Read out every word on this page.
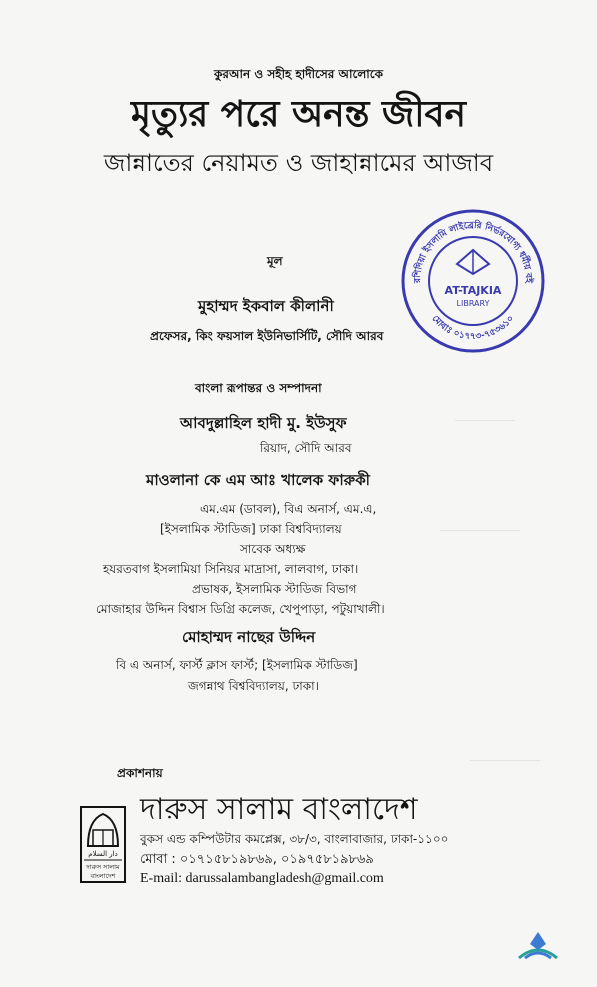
কুরআন ও সহীহ হাদীসের আলোকে
মৃত্যুর পরে অনন্ত জীবন
জান্নাতের নেয়ামত ও জাহান্নামের আজাব
মূল
মুহাম্মদ ইকবাল কীলানী
প্রফেসর, কিং ফয়সাল ইউনিভার্সিটি, সৌদি আরব
বাংলা রূপান্তর ও সম্পাদনা
আবদুল্লাহিল হাদী মু. ইউসুফ
রিয়াদ, সৌদি আরব
মাওলানা কে এম আঃ খালেক ফারুকী
এম.এম (ডাবল), বিএ অনার্স, এম.এ,
[ইসলামিক স্টাডিজ] ঢাকা বিশ্ববিদ্যালয়
সাবেক অধ্যক্ষ
হযরতবাগ ইসলামিয়া সিনিয়র মাদ্রাসা, লালবাগ, ঢাকা।
প্রভাষক, ইসলামিক স্টাডিজ বিভাগ
মোজাহার উদ্দিন বিশ্বাস ডিগ্রি কলেজ, খেপুপাড়া, পটুয়াখালী।
মোহাম্মদ নাছের উদ্দিন
বি এ অনার্স, ফার্স্ট ক্লাস ফার্স্ট; [ইসলামিক স্টাডিজ]
জগন্নাথ বিশ্ববিদ্যালয়, ঢাকা।
প্রকাশনায়
دار السلام
দারুস সালাম
বাংলাদেশ
দারুস সালাম বাংলাদেশ
বুকস এন্ড কম্পিউটার কমপ্লেক্স, ৩৮/৩, বাংলাবাজার, ঢাকা-১১০০
মোবা : ০১৭১৫৮১৯৮৬৯, ০১৯৭৫৮১৯৮৬৯
E-mail: darussalambangladesh@gmail.com
রশিদিয়া ইসলামি লাইব্রেরি নির্ভরযোগ্য ধর্মীয় বই
মোবাঃ ০১৭৭৩-৭৫৩৬১০
AT-TAJKIA
LIBRARY
